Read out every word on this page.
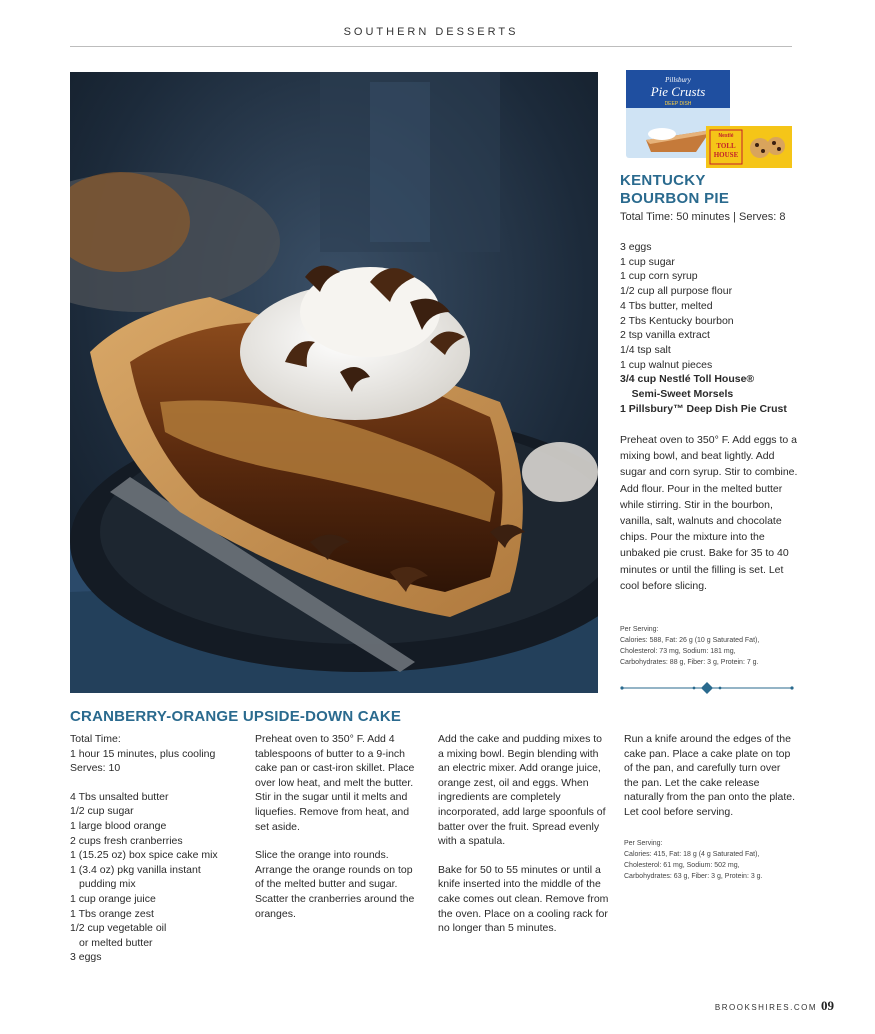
SOUTHERN DESSERTS
Pillsbury
Pie Crusts
DEEP DISH
Nestlé
TOLL
HOUSE
KENTUCKY
BOURBON PIE
Total Time: 50 minutes | Serves: 8
3 eggs
1 cup sugar
1 cup corn syrup
1/2 cup all purpose flour
4 Tbs butter, melted
2 Tbs Kentucky bourbon
2 tsp vanilla extract
1/4 tsp salt
1 cup walnut pieces
3/4 cup Nestlé Toll House®
Semi-Sweet Morsels
1 Pillsbury™ Deep Dish Pie Crust
Preheat oven to 350° F. Add eggs to a mixing bowl, and beat lightly. Add sugar and corn syrup. Stir to combine. Add flour. Pour in the melted butter while stirring. Stir in the bourbon, vanilla, salt, walnuts and chocolate chips. Pour the mixture into the unbaked pie crust. Bake for 35 to 40 minutes or until the filling is set. Let cool before slicing.
Per Serving:
Calories: 588, Fat: 26 g (10 g Saturated Fat),
Cholesterol: 73 mg, Sodium: 181 mg,
Carbohydrates: 88 g, Fiber: 3 g, Protein: 7 g.
CRANBERRY-ORANGE UPSIDE-DOWN CAKE
Total Time:
1 hour 15 minutes, plus cooling
Serves: 10
4 Tbs unsalted butter
1/2 cup sugar
1 large blood orange
2 cups fresh cranberries
1 (15.25 oz) box spice cake mix
1 (3.4 oz) pkg vanilla instant
pudding mix
1 cup orange juice
1 Tbs orange zest
1/2 cup vegetable oil
or melted butter
3 eggs

Preheat oven to 350° F. Add 4 tablespoons of butter to a 9-inch cake pan or cast-iron skillet. Place over low heat, and melt the butter. Stir in the sugar until it melts and liquefies. Remove from heat, and set aside.

Slice the orange into rounds. Arrange the orange rounds on top of the melted butter and sugar. Scatter the cranberries around the oranges.

Add the cake and pudding mixes to a mixing bowl. Begin blending with an electric mixer. Add orange juice, orange zest, oil and eggs. When ingredients are completely incorporated, add large spoonfuls of batter over the fruit. Spread evenly with a spatula.

Bake for 50 to 55 minutes or until a knife inserted into the middle of the cake comes out clean. Remove from the oven. Place on a cooling rack for no longer than 5 minutes.

Run a knife around the edges of the cake pan. Place a cake plate on top of the pan, and carefully turn over the pan. Let the cake release naturally from the pan onto the plate. Let cool before serving.

Per Serving:
Calories: 415, Fat: 18 g (4 g Saturated Fat),
Cholesterol: 61 mg, Sodium: 502 mg,
Carbohydrates: 63 g, Fiber: 3 g, Protein: 3 g.
BROOKSHIRES.COM 09
